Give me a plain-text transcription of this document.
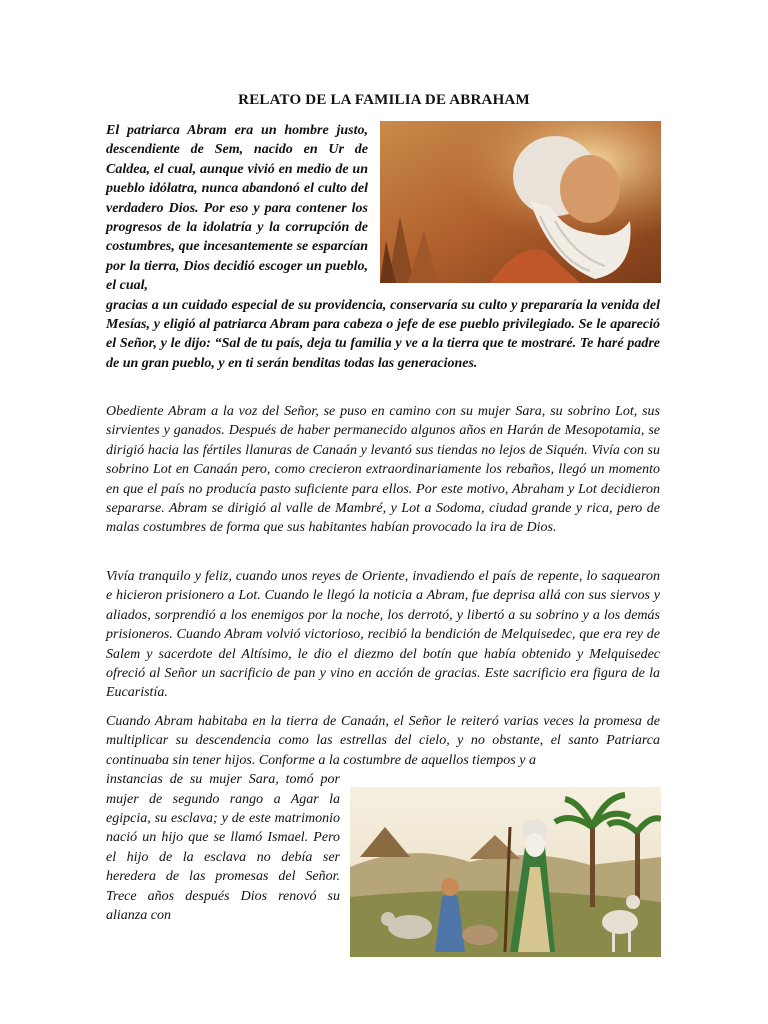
RELATO DE LA FAMILIA DE ABRAHAM
El patriarca Abram era un hombre justo, descendiente de Sem, nacido en Ur de Caldea, el cual, aunque vivió en medio de un pueblo idólatra, nunca abandonó el culto del verdadero Dios. Por eso y para contener los progresos de la idolatría y la corrupción de costumbres, que incesantemente se esparcían por la tierra, Dios decidió escoger un pueblo, el cual,
gracias a un cuidado especial de su providencia, conservaría su culto y prepararía la venida del Mesías, y eligió al patriarca Abram para cabeza o jefe de ese pueblo privilegiado. Se le apareció el Señor, y le dijo: “Sal de tu país, deja tu familia y ve a la tierra que te mostraré. Te haré padre de un gran pueblo, y en ti serán benditas todas las generaciones.
Obediente Abram a la voz del Señor, se puso en camino con su mujer Sara, su sobrino Lot, sus sirvientes y ganados. Después de haber permanecido algunos años en Harán de Mesopotamia, se dirigió hacia las fértiles llanuras de Canaán y levantó sus tiendas no lejos de Siquén. Vivía con su sobrino Lot en Canaán pero, como crecieron extraordinariamente los rebaños, llegó un momento en que el país no producía pasto suficiente para ellos. Por este motivo, Abraham y Lot decidieron separarse. Abram se dirigió al valle de Mambré, y Lot a Sodoma, ciudad grande y rica, pero de malas costumbres de forma que sus habitantes habían provocado la ira de Dios.
Vivía tranquilo y feliz, cuando unos reyes de Oriente, invadiendo el país de repente, lo saquearon e hicieron prisionero a Lot. Cuando le llegó la noticia a Abram, fue deprisa allá con sus siervos y aliados, sorprendió a los enemigos por la noche, los derrotó, y libertó a su sobrino y a los demás prisioneros. Cuando Abram volvió victorioso, recibió la bendición de Melquisedec, que era rey de Salem y sacerdote del Altísimo, le dio el diezmo del botín que había obtenido y Melquisedec ofreció al Señor un sacrificio de pan y vino en acción de gracias. Este sacrificio era figura de la Eucaristía.
Cuando Abram habitaba en la tierra de Canaán, el Señor le reiteró varias veces la promesa de multiplicar su descendencia como las estrellas del cielo, y no obstante, el santo Patriarca continuaba sin tener hijos. Conforme a la costumbre de aquellos tiempos y a
instancias de su mujer Sara, tomó por mujer de segundo rango a Agar la egipcia, su esclava; y de este matrimonio nació un hijo que se llamó Ismael. Pero el hijo de la esclava no debía ser heredera de las promesas del Señor. Trece años después Dios renovó su alianza con
